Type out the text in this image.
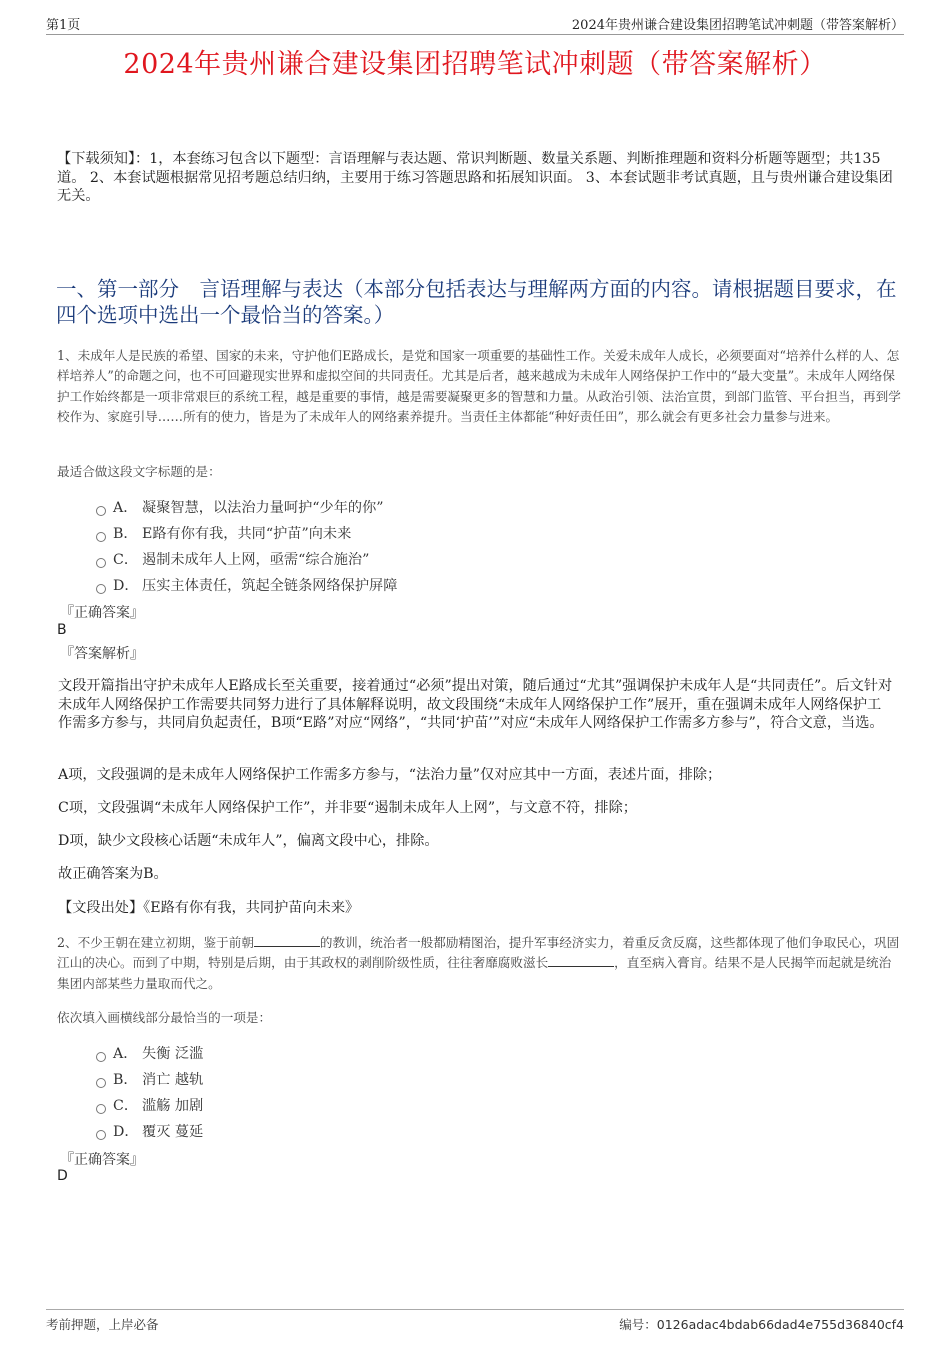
第1页	2024年贵州谦合建设集团招聘笔试冲刺题（带答案解析）
2024年贵州谦合建设集团招聘笔试冲刺题（带答案解析）
【下载须知】：1，本套练习包含以下题型：言语理解与表达题、常识判断题、数量关系题、判断推理题和资料分析题等题型；共135道。 2、本套试题根据常见招考题总结归纳，主要用于练习答题思路和拓展知识面。 3、本套试题非考试真题，且与贵州谦合建设集团无关。
一、第一部分　言语理解与表达（本部分包括表达与理解两方面的内容。请根据题目要求，在四个选项中选出一个最恰当的答案。）
1、未成年人是民族的希望、国家的未来，守护他们E路成长，是党和国家一项重要的基础性工作。关爱未成年人成长，必须要面对“培养什么样的人、怎样培养人”的命题之问，也不可回避现实世界和虚拟空间的共同责任。尤其是后者，越来越成为未成年人网络保护工作中的“最大变量”。未成年人网络保护工作始终都是一项非常艰巨的系统工程，越是重要的事情，越是需要凝聚更多的智慧和力量。从政治引领、法治宣贯，到部门监管、平台担当，再到学校作为、家庭引导……所有的使力，皆是为了未成年人的网络素养提升。当责任主体都能“种好责任田”，那么就会有更多社会力量参与进来。
最适合做这段文字标题的是：
A． 凝聚智慧，以法治力量呵护“少年的你”
B． E路有你有我，共同“护苗”向未来
C． 遏制未成年人上网，亟需“综合施治”
D． 压实主体责任，筑起全链条网络保护屏障
『正确答案』
B
『答案解析』
文段开篇指出守护未成年人E路成长至关重要，接着通过“必须”提出对策，随后通过“尤其”强调保护未成年人是“共同责任”。后文针对未成年人网络保护工作需要共同努力进行了具体解释说明，故文段围绕“未成年人网络保护工作”展开，重在强调未成年人网络保护工作需多方参与，共同肩负起责任，B项“E路”对应“网络”，“共同‘护苗’”对应“未成年人网络保护工作需多方参与”，符合文意，当选。
A项，文段强调的是未成年人网络保护工作需多方参与，“法治力量”仅对应其中一方面，表述片面，排除；
C项，文段强调“未成年人网络保护工作”，并非要“遏制未成年人上网”，与文意不符，排除；
D项，缺少文段核心话题“未成年人”，偏离文段中心，排除。
故正确答案为B。
【文段出处】《E路有你有我，共同护苗向未来》
2、不少王朝在建立初期，鉴于前朝	的教训，统治者一般都励精图治，提升军事经济实力，着重反贪反腐，这些都体现了他们争取民心，巩固江山的决心。而到了中期，特别是后期，由于其政权的剥削阶级性质，往往奢靡腐败滋长	，直至病入膏肓。结果不是人民揭竿而起就是统治集团内部某些力量取而代之。
依次填入画横线部分最恰当的一项是：
A． 失衡 泛滥
B． 消亡 越轨
C． 滥觞 加剧
D． 覆灭 蔓延
『正确答案』
D
考前押题，上岸必备	编号：0126adac4bdab66dad4e755d36840cf4
